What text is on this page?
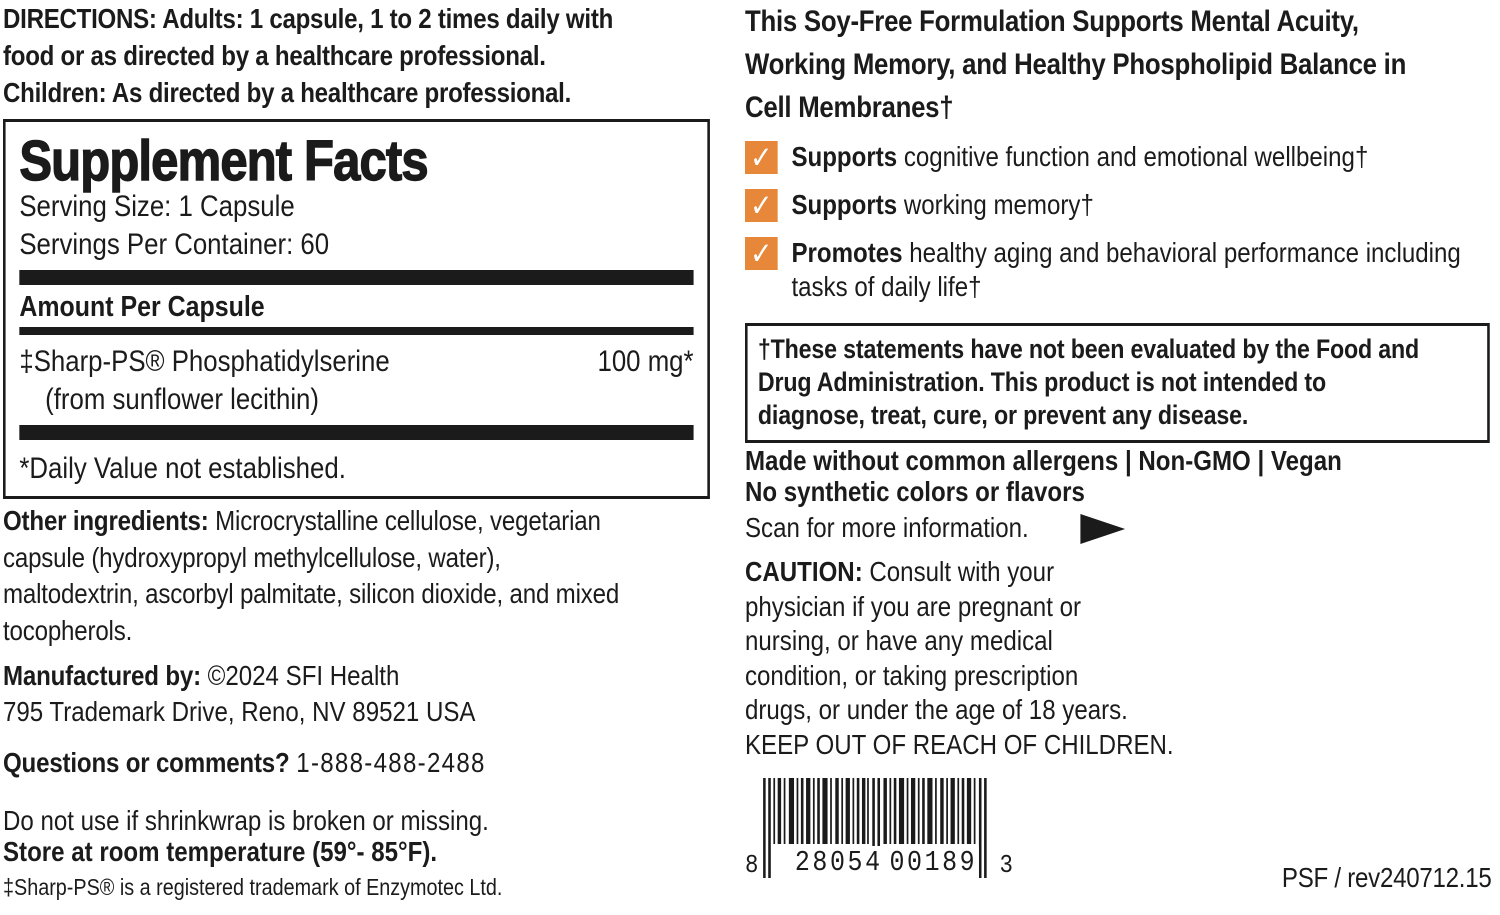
DIRECTIONS: Adults: 1 capsule, 1 to 2 times daily with
food or as directed by a healthcare professional.
Children: As directed by a healthcare professional.
Supplement Facts
Serving Size: 1 Capsule
Servings Per Container: 60
Amount Per Capsule
‡Sharp-PS® Phosphatidylserine	100 mg*
(from sunflower lecithin)
*Daily Value not established.
Other ingredients: Microcrystalline cellulose, vegetarian
capsule (hydroxypropyl methylcellulose, water),
maltodextrin, ascorbyl palmitate, silicon dioxide, and mixed
tocopherols.
Manufactured by: ©2024 SFI Health
795 Trademark Drive, Reno, NV 89521 USA
Questions or comments? 1-888-488-2488
Do not use if shrinkwrap is broken or missing.
Store at room temperature (59°- 85°F).
‡Sharp-PS® is a registered trademark of Enzymotec Ltd.
This Soy-Free Formulation Supports Mental Acuity,
Working Memory, and Healthy Phospholipid Balance in
Cell Membranes†
✓ Supports cognitive function and emotional wellbeing†
✓ Supports working memory†
✓ Promotes healthy aging and behavioral performance including tasks of daily life†
†These statements have not been evaluated by the Food and
Drug Administration. This product is not intended to
diagnose, treat, cure, or prevent any disease.
Made without common allergens | Non-GMO | Vegan
No synthetic colors or flavors
Scan for more information.
CAUTION: Consult with your
physician if you are pregnant or
nursing, or have any medical
condition, or taking prescription
drugs, or under the age of 18 years.
KEEP OUT OF REACH OF CHILDREN.
8 28054 00189 3	PSF / rev240712.15
